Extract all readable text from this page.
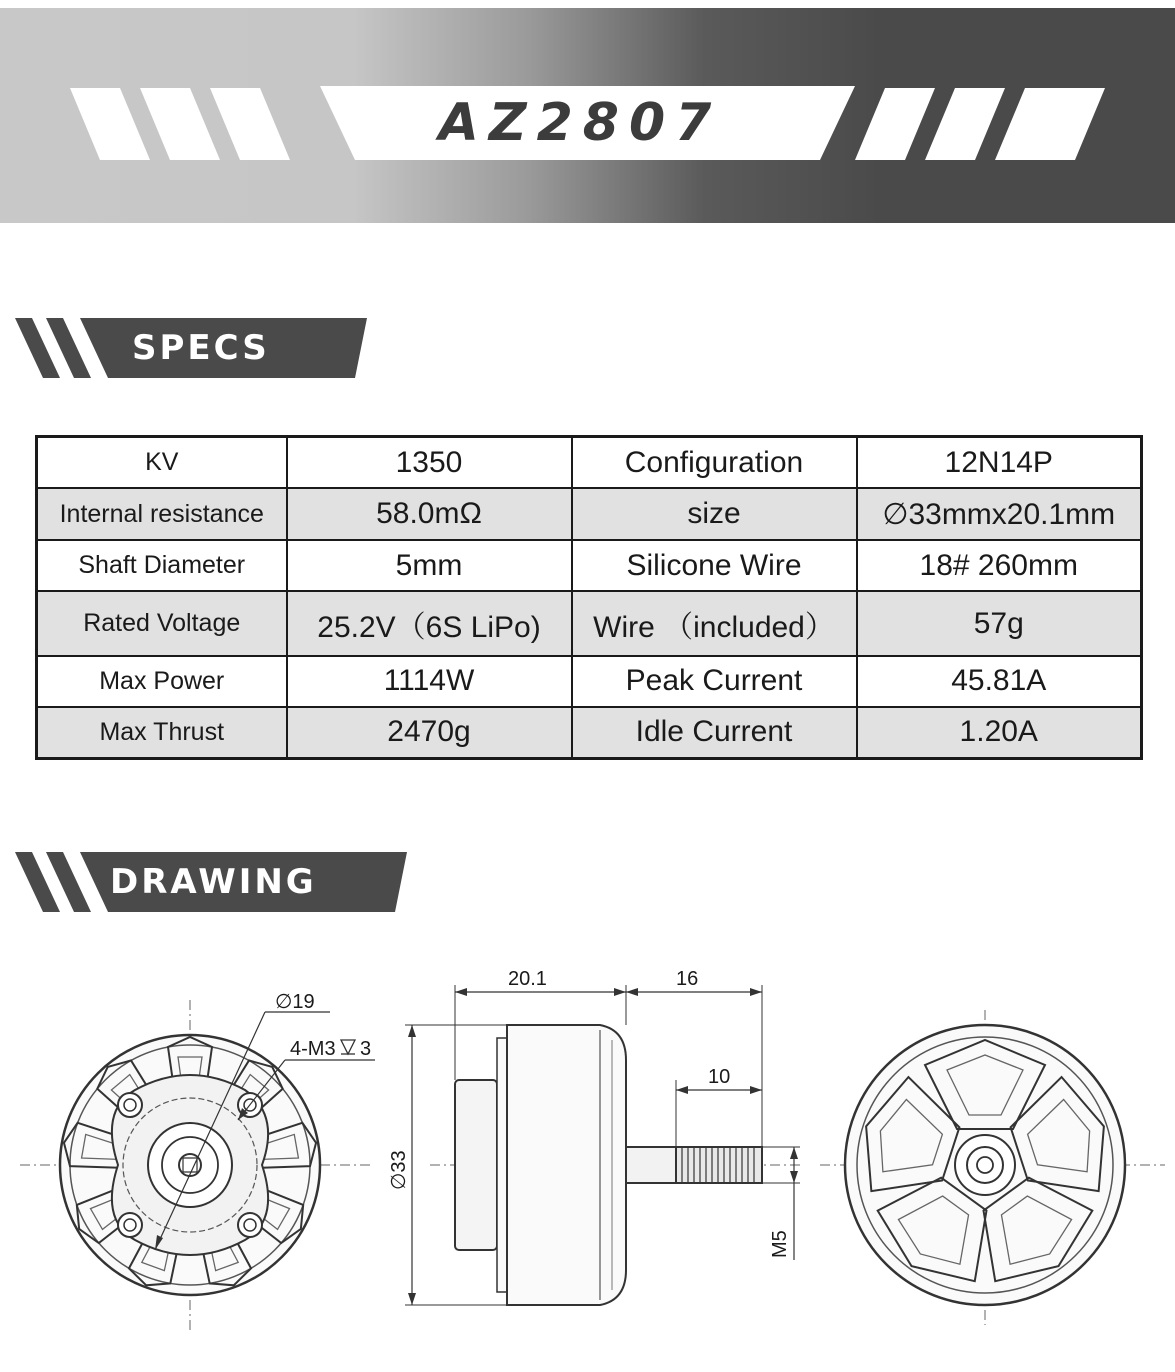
AZ2807
SPECS
KV	1350	Configuration	12N14P
Internal resistance	58.0mΩ	size	∅33mmx20.1mm
Shaft Diameter	5mm	Silicone Wire	18# 260mm
Rated Voltage	25.2V（6S LiPo)	Wire （included）	57g
Max Power	1114W	Peak Current	45.81A
Max Thrust	2470g	Idle Current	1.20A
DRAWING
∅19
4-M3 3
20.1	16
10
∅33
M5
